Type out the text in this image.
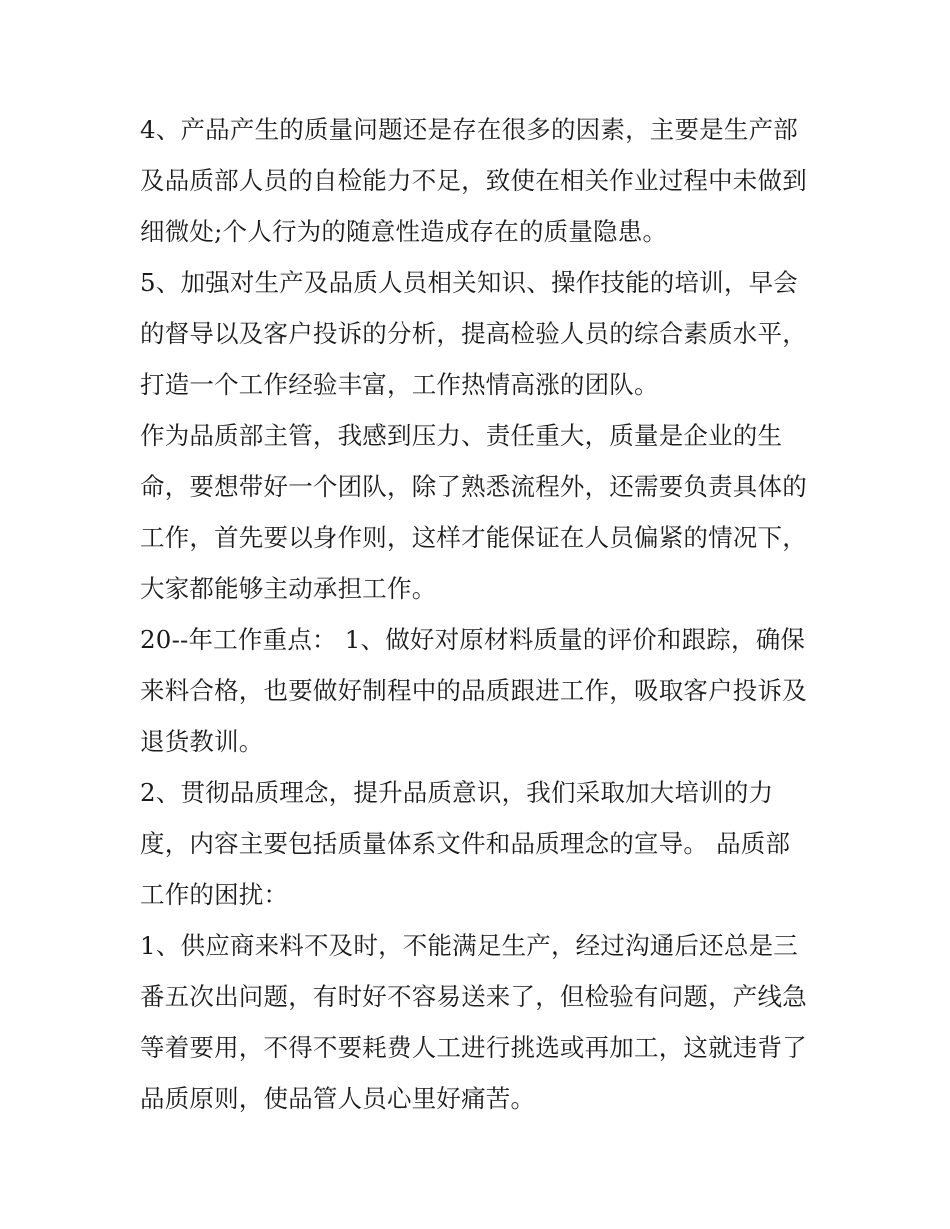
4、产品产生的质量问题还是存在很多的因素，主要是生产部
及品质部人员的自检能力不足，致使在相关作业过程中未做到
细微处;个人行为的随意性造成存在的质量隐患。
5、加强对生产及品质人员相关知识、操作技能的培训，早会
的督导以及客户投诉的分析，提高检验人员的综合素质水平，
打造一个工作经验丰富，工作热情高涨的团队。
作为品质部主管，我感到压力、责任重大，质量是企业的生
命，要想带好一个团队，除了熟悉流程外，还需要负责具体的
工作，首先要以身作则，这样才能保证在人员偏紧的情况下，
大家都能够主动承担工作。
20--年工作重点： 1、做好对原材料质量的评价和跟踪，确保
来料合格，也要做好制程中的品质跟进工作，吸取客户投诉及
退货教训。
2、贯彻品质理念，提升品质意识，我们采取加大培训的力
度，内容主要包括质量体系文件和品质理念的宣导。 品质部
工作的困扰：
1、供应商来料不及时，不能满足生产，经过沟通后还总是三
番五次出问题，有时好不容易送来了，但检验有问题，产线急
等着要用，不得不要耗费人工进行挑选或再加工，这就违背了
品质原则，使品管人员心里好痛苦。
